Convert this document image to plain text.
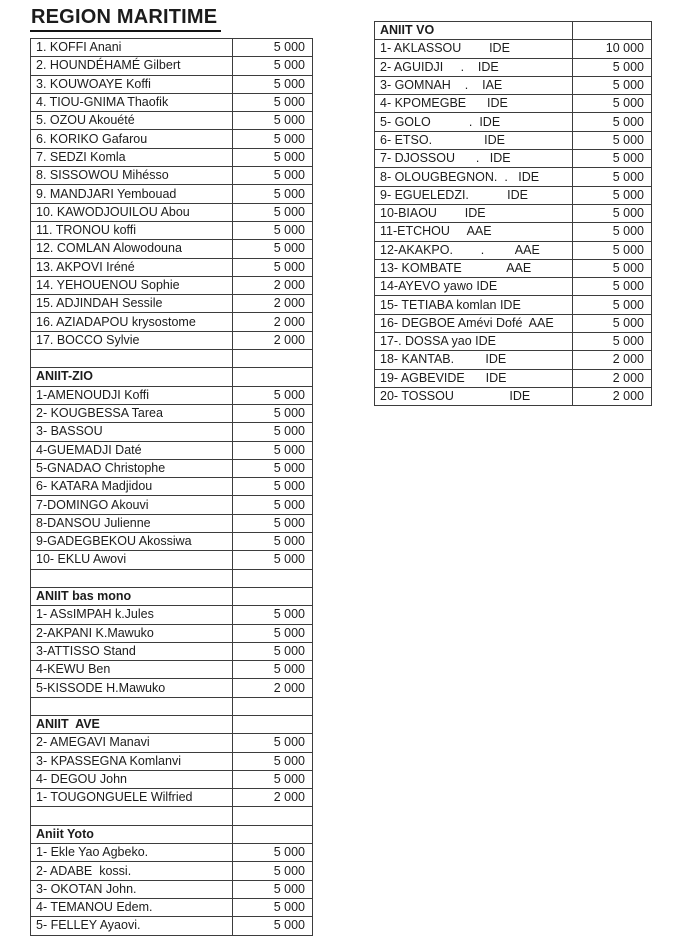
REGION MARITIME
1. KOFFI Anani	5 000
2. HOUNDÉHAMÉ Gilbert	5 000
3. KOUWOAYE Koffi	5 000
4. TIOU-GNIMA Thaofik	5 000
5. OZOU Akouété	5 000
6. KORIKO Gafarou	5 000
7. SEDZI Komla	5 000
8. SISSOWOU Mihésso	5 000
9. MANDJARI Yembouad	5 000
10. KAWODJOUILOU Abou	5 000
11. TRONOU koffi	5 000
12. COMLAN Alowodouna	5 000
13. AKPOVI Iréné	5 000
14. YEHOUENOU Sophie	2 000
15. ADJINDAH Sessile	2 000
16. AZIADAPOU krysostome	2 000
17. BOCCO Sylvie	2 000

ANIIT-ZIO	
1-AMENOUDJI Koffi	5 000
2- KOUGBESSA Tarea	5 000
3- BASSOU	5 000
4-GUEMADJI Daté	5 000
5-GNADAO Christophe	5 000
6- KATARA Madjidou	5 000
7-DOMINGO Akouvi	5 000
8-DANSOU Julienne	5 000
9-GADEGBEKOU Akossiwa	5 000
10- EKLU Awovi	5 000

ANIIT bas mono	
1- ASsIMPAH k.Jules	5 000
2-AKPANI K.Mawuko	5 000
3-ATTISSO Stand	5 000
4-KEWU Ben	5 000
5-KISSODE H.Mawuko	2 000

ANIIT  AVE	
2- AMEGAVI Manavi	5 000
3- KPASSEGNA Komlanvi	5 000
4- DEGOU John	5 000
1- TOUGONGUELE Wilfried	2 000

Aniit Yoto	
1- Ekle Yao Agbeko.	5 000
2- ADABE  kossi.	5 000
3- OKOTAN John.	5 000
4- TEMANOU Edem.	5 000
5- FELLEY Ayaovi.	5 000
ANIIT VO	
1- AKLASSOU        IDE	10 000
2- AGUIDJI     .    IDE	5 000
3- GOMNAH    .    IAE	5 000
4- KPOMEGBE      IDE	5 000
5- GOLO           .  IDE	5 000
6- ETSO.               IDE	5 000
7- DJOSSOU      .   IDE	5 000
8- OLOUGBEGNON.  .   IDE	5 000
9- EGUELEDZI.           IDE	5 000
10-BIAOU        IDE	5 000
11-ETCHOU     AAE	5 000
12-AKAKPO.        .         AAE	5 000
13- KOMBATE             AAE	5 000
14-AYEVO yawo IDE	5 000
15- TETIABA komlan IDE	5 000
16- DEGBOE Amévi Dofé  AAE	5 000
17-. DOSSA yao IDE	5 000
18- KANTAB.         IDE	2 000
19- AGBEVIDE      IDE	2 000
20- TOSSOU                IDE	2 000
